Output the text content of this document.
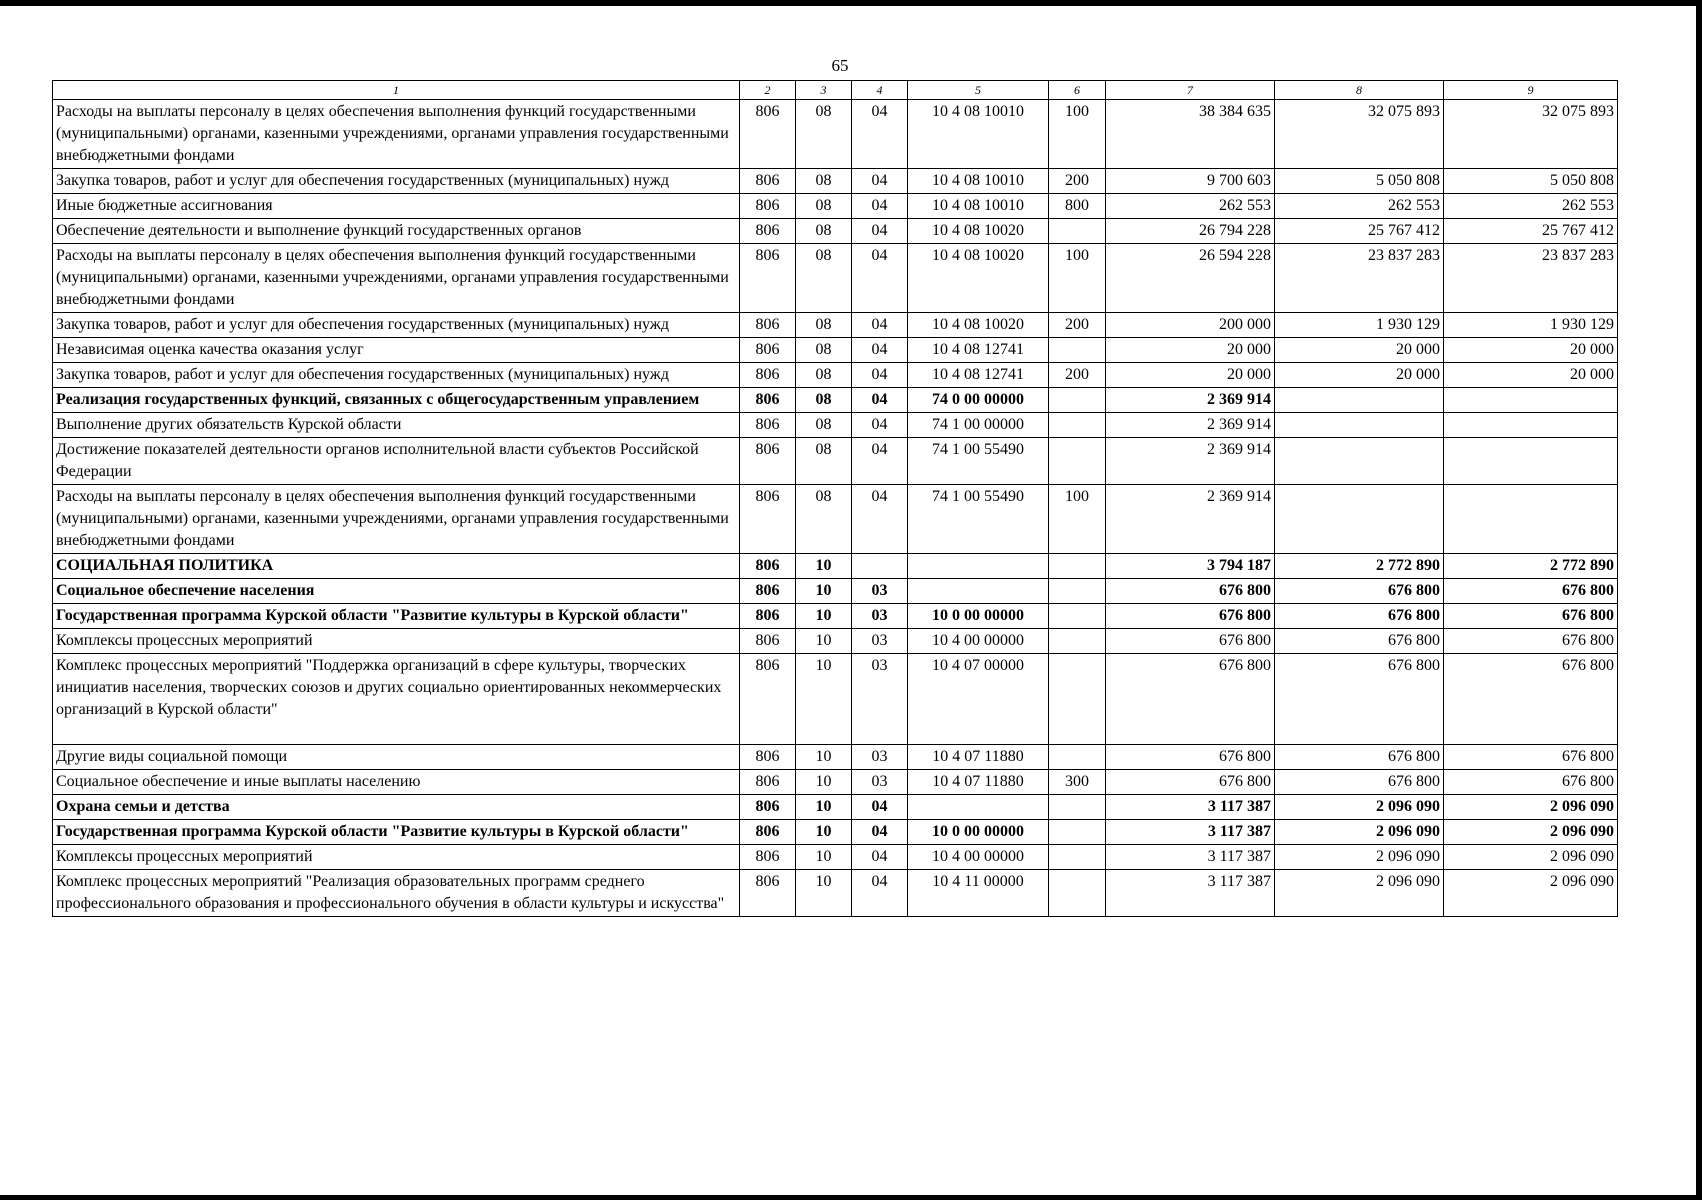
65
1	2	3	4	5	6	7	8	9
Расходы на выплаты персоналу в целях обеспечения выполнения функций государственными (муниципальными) органами, казенными учреждениями, органами управления государственными внебюджетными фондами	806	08	04	10 4 08 10010	100	38 384 635	32 075 893	32 075 893
Закупка товаров, работ и услуг для обеспечения государственных (муниципальных) нужд	806	08	04	10 4 08 10010	200	9 700 603	5 050 808	5 050 808
Иные бюджетные ассигнования	806	08	04	10 4 08 10010	800	262 553	262 553	262 553
Обеспечение деятельности и выполнение функций государственных органов	806	08	04	10 4 08 10020		26 794 228	25 767 412	25 767 412
Расходы на выплаты персоналу в целях обеспечения выполнения функций государственными (муниципальными) органами, казенными учреждениями, органами управления государственными внебюджетными фондами	806	08	04	10 4 08 10020	100	26 594 228	23 837 283	23 837 283
Закупка товаров, работ и услуг для обеспечения государственных (муниципальных) нужд	806	08	04	10 4 08 10020	200	200 000	1 930 129	1 930 129
Независимая оценка качества оказания услуг	806	08	04	10 4 08 12741		20 000	20 000	20 000
Закупка товаров, работ и услуг для обеспечения государственных (муниципальных) нужд	806	08	04	10 4 08 12741	200	20 000	20 000	20 000
Реализация государственных функций, связанных с общегосударственным управлением	806	08	04	74 0 00 00000		2 369 914		
Выполнение других обязательств Курской области	806	08	04	74 1 00 00000		2 369 914		
Достижение показателей деятельности органов исполнительной власти субъектов Российской Федерации	806	08	04	74 1 00 55490		2 369 914		
Расходы на выплаты персоналу в целях обеспечения выполнения функций государственными (муниципальными) органами, казенными учреждениями, органами управления государственными внебюджетными фондами	806	08	04	74 1 00 55490	100	2 369 914		
СОЦИАЛЬНАЯ ПОЛИТИКА	806	10				3 794 187	2 772 890	2 772 890
Социальное обеспечение населения	806	10	03			676 800	676 800	676 800
Государственная программа Курской области "Развитие культуры в Курской области"	806	10	03	10 0 00 00000		676 800	676 800	676 800
Комплексы процессных мероприятий	806	10	03	10 4 00 00000		676 800	676 800	676 800
Комплекс процессных мероприятий "Поддержка организаций в сфере культуры, творческих инициатив населения, творческих союзов и других социально ориентированных некоммерческих организаций в Курской области"	806	10	03	10 4 07 00000		676 800	676 800	676 800
Другие виды социальной помощи	806	10	03	10 4 07 11880		676 800	676 800	676 800
Социальное обеспечение и иные выплаты населению	806	10	03	10 4 07 11880	300	676 800	676 800	676 800
Охрана семьи и детства	806	10	04			3 117 387	2 096 090	2 096 090
Государственная программа Курской области "Развитие культуры в Курской области"	806	10	04	10 0 00 00000		3 117 387	2 096 090	2 096 090
Комплексы процессных мероприятий	806	10	04	10 4 00 00000		3 117 387	2 096 090	2 096 090
Комплекс процессных мероприятий "Реализация образовательных программ среднего профессионального образования и профессионального обучения в области культуры и искусства"	806	10	04	10 4 11 00000		3 117 387	2 096 090	2 096 090
